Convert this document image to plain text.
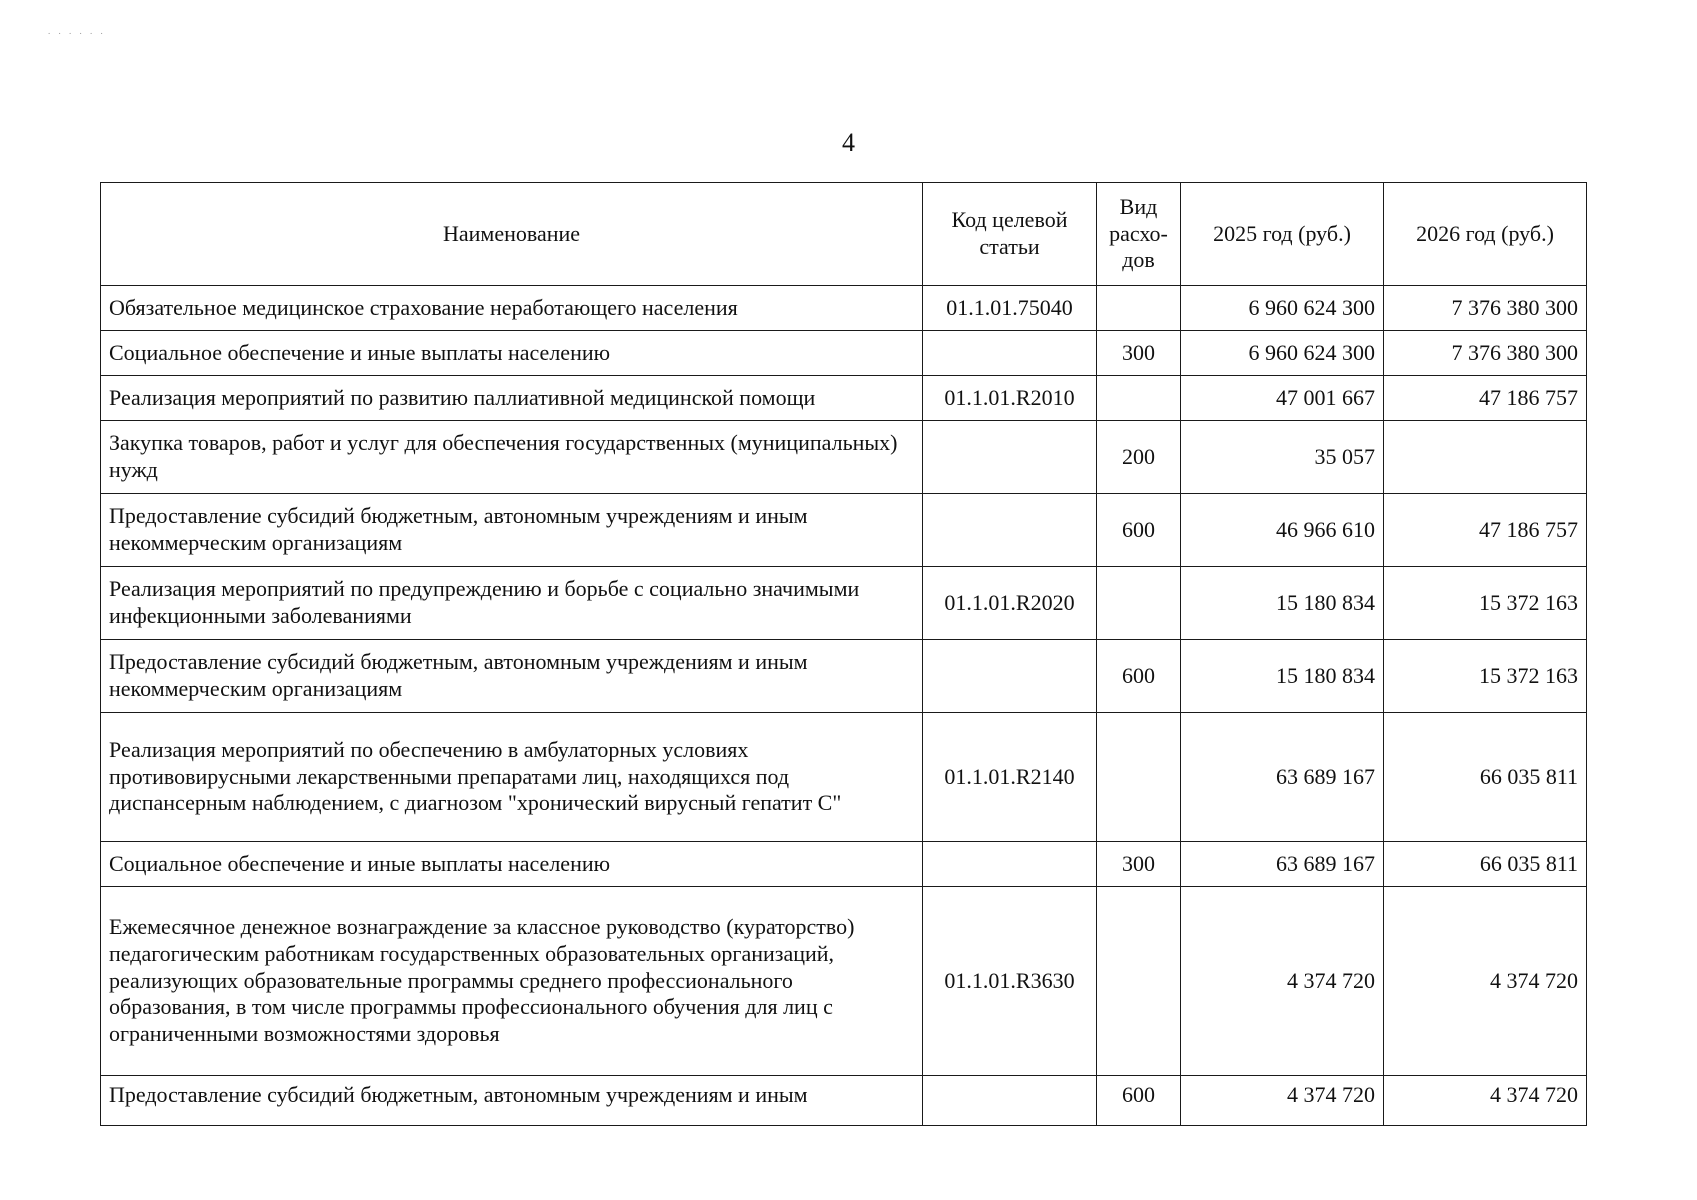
. . . . . .
4
Наименование	Код целевой статьи	Вид расхо-дов	2025 год (руб.)	2026 год (руб.)
Обязательное медицинское страхование неработающего населения	01.1.01.75040		6 960 624 300	7 376 380 300
Социальное обеспечение и иные выплаты населению		300	6 960 624 300	7 376 380 300
Реализация мероприятий по развитию паллиативной медицинской помощи	01.1.01.R2010		47 001 667	47 186 757
Закупка товаров, работ и услуг для обеспечения государственных (муниципальных) нужд		200	35 057	
Предоставление субсидий бюджетным, автономным учреждениям и иным некоммерческим организациям		600	46 966 610	47 186 757
Реализация мероприятий по предупреждению и борьбе с социально значимыми инфекционными заболеваниями	01.1.01.R2020		15 180 834	15 372 163
Предоставление субсидий бюджетным, автономным учреждениям и иным некоммерческим организациям		600	15 180 834	15 372 163
Реализация мероприятий по обеспечению в амбулаторных условиях противовирусными лекарственными препаратами лиц, находящихся под диспансерным наблюдением, с диагнозом "хронический вирусный гепатит С"	01.1.01.R2140		63 689 167	66 035 811
Социальное обеспечение и иные выплаты населению		300	63 689 167	66 035 811
Ежемесячное денежное вознаграждение за классное руководство (кураторство) педагогическим работникам государственных образовательных организаций, реализующих образовательные программы среднего профессионального образования, в том числе программы профессионального обучения для лиц с ограниченными возможностями здоровья	01.1.01.R3630		4 374 720	4 374 720
Предоставление субсидий бюджетным, автономным учреждениям и иным		600	4 374 720	4 374 720
